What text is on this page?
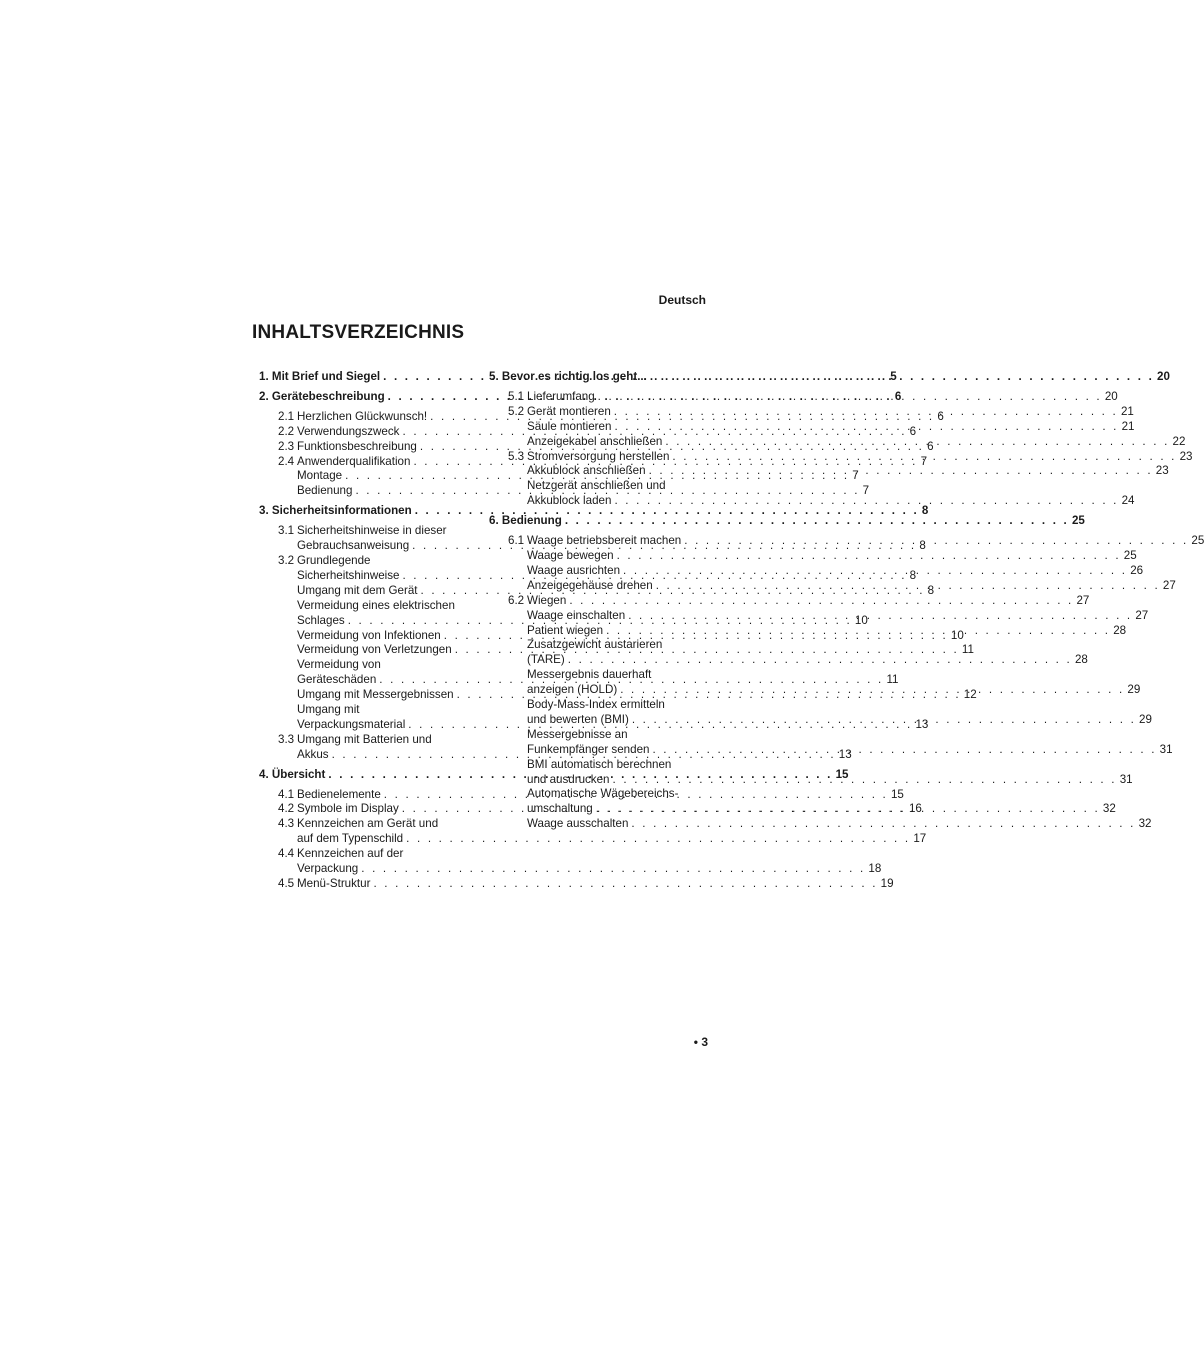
Deutsch
INHALTSVERZEICHNIS
1. Mit Brief und Siegel . . .	5
2. Gerätebeschreibung . . .	6
2.1 Herzlichen Glückwunsch! . . .	6
2.2 Verwendungszweck . . .	6
2.3 Funktionsbeschreibung . . .	6
2.4 Anwenderqualifikation . . .	7
Montage . . .	7
Bedienung . . .	7
3. Sicherheitsinformationen . . .	8
3.1 Sicherheitshinweise in dieser
Gebrauchsanweisung . . .	8
3.2 Grundlegende
Sicherheitshinweise . . .	8
Umgang mit dem Gerät . . .	8
Vermeidung eines elektrischen
Schlages . . .	10
Vermeidung von Infektionen . . .	10
Vermeidung von Verletzungen . . .	11
Vermeidung von
Geräteschäden . . .	11
Umgang mit Messergebnissen . . .	12
Umgang mit
Verpackungsmaterial . . .	13
3.3 Umgang mit Batterien und
Akkus . . .	13
4. Übersicht . . .	15
4.1 Bedienelemente . . .	15
4.2 Symbole im Display . . .	16
4.3 Kennzeichen am Gerät und
auf dem Typenschild . . .	17
4.4 Kennzeichen auf der
Verpackung . . .	18
4.5 Menü-Struktur . . .	19
5. Bevor es richtig los geht... . . .	20
5.1 Lieferumfang . . .	20
5.2 Gerät montieren . . .	21
Säule montieren . . .	21
Anzeigekabel anschließen . . .	22
5.3 Stromversorgung herstellen . . .	23
Akkublock anschließen . . .	23
Netzgerät anschließen und
Akkublock laden . . .	24
6. Bedienung . . .	25
6.1 Waage betriebsbereit machen . . .	25
Waage bewegen . . .	25
Waage ausrichten . . .	26
Anzeigegehäuse drehen . . .	27
6.2 Wiegen . . .	27
Waage einschalten . . .	27
Patient wiegen . . .	28
Zusatzgewicht austarieren
(TARE) . . .	28
Messergebnis dauerhaft
anzeigen (HOLD) . . .	29
Body-Mass-Index ermitteln
und bewerten (BMI) . . .	29
Messergebnisse an
Funkempfänger senden . . .	31
BMI automatisch berechnen
und ausdrucken . . .	31
Automatische Wägebereichs-
umschaltung . . .	32
Waage ausschalten . . .	32
• 3
